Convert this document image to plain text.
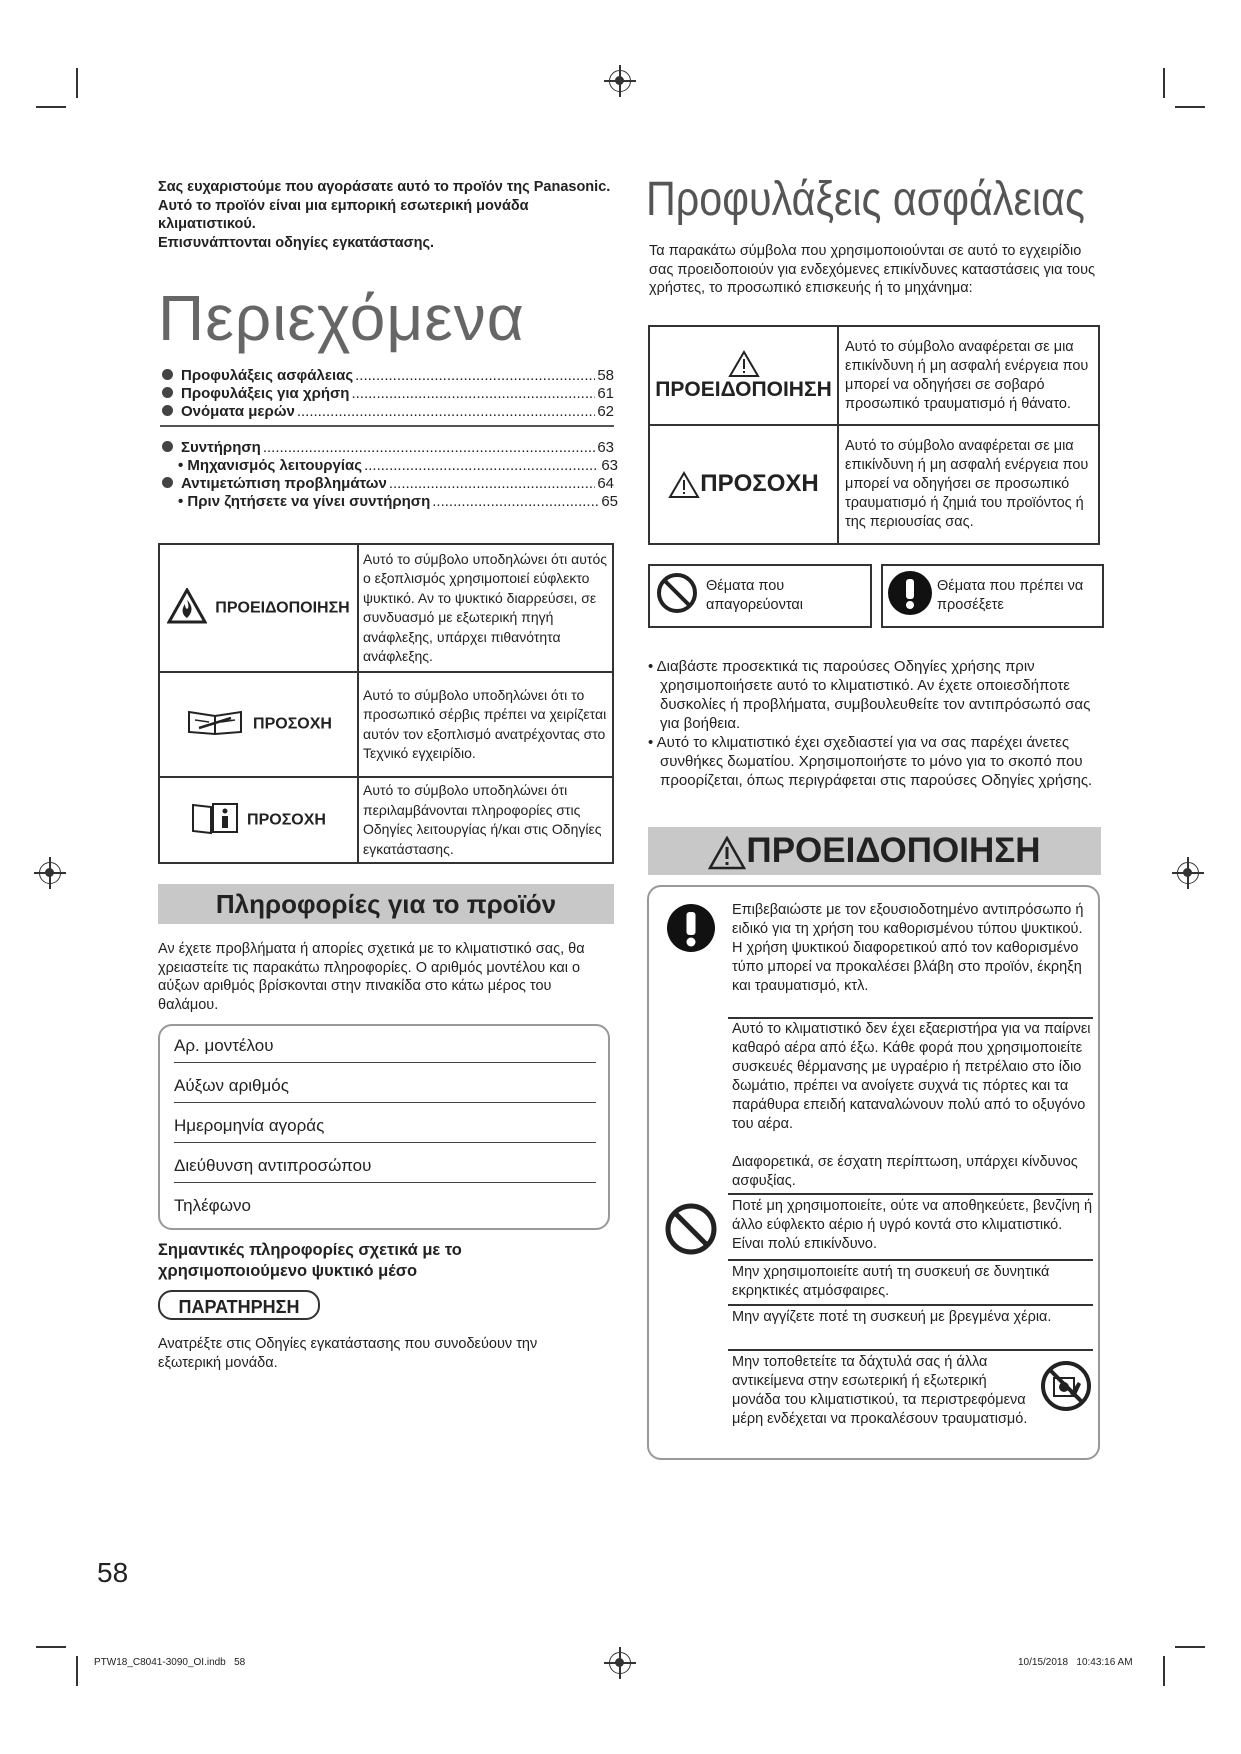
Σας ευχαριστούμε που αγοράσατε αυτό το προϊόν της Panasonic.
Αυτό το προϊόν είναι μια εμπορική εσωτερική μονάδα κλιματιστικού.
Επισυνάπτονται οδηγίες εγκατάστασης.
Περιεχόμενα
Προφυλάξεις ασφάλειας .....	58
Προφυλάξεις για χρήση .....	61
Ονόματα μερών .....	62
Συντήρηση .....	63
• Μηχανισμός λειτουργίας .....	63
Αντιμετώπιση προβλημάτων .....	64
• Πριν ζητήσετε να γίνει συντήρηση .....	65
ΠΡΟΕΙΔΟΠΟΙΗΣΗ	Αυτό το σύμβολο υποδηλώνει ότι αυτός ο εξοπλισμός χρησιμοποιεί εύφλεκτο ψυκτικό. Αν το ψυκτικό διαρρεύσει, σε συνδυασμό με εξωτερική πηγή ανάφλεξης, υπάρχει πιθανότητα ανάφλεξης.
ΠΡΟΣΟΧΗ	Αυτό το σύμβολο υποδηλώνει ότι το προσωπικό σέρβις πρέπει να χειρίζεται αυτόν τον εξοπλισμό ανατρέχοντας στο Τεχνικό εγχειρίδιο.
ΠΡΟΣΟΧΗ	Αυτό το σύμβολο υποδηλώνει ότι περιλαμβάνονται πληροφορίες στις Οδηγίες λειτουργίας ή/και στις Οδηγίες εγκατάστασης.
Πληροφορίες για το προϊόν
Αν έχετε προβλήματα ή απορίες σχετικά με το κλιματιστικό σας, θα χρειαστείτε τις παρακάτω πληροφορίες. Ο αριθμός μοντέλου και ο αύξων αριθμός βρίσκονται στην πινακίδα στο κάτω μέρος του θαλάμου.
Αρ. μοντέλου
Αύξων αριθμός
Ημερομηνία αγοράς
Διεύθυνση αντιπροσώπου
Τηλέφωνο
Σημαντικές πληροφορίες σχετικά με το χρησιμοποιούμενο ψυκτικό μέσο
ΠΑΡΑΤΗΡΗΣΗ
Ανατρέξτε στις Οδηγίες εγκατάστασης που συνοδεύουν την εξωτερική μονάδα.
Προφυλάξεις ασφάλειας
Τα παρακάτω σύμβολα που χρησιμοποιούνται σε αυτό το εγχειρίδιο σας προειδοποιούν για ενδεχόμενες επικίνδυνες καταστάσεις για τους χρήστες, το προσωπικό επισκευής ή το μηχάνημα:
ΠΡΟΕΙΔΟΠΟΙΗΣΗ	Αυτό το σύμβολο αναφέρεται σε μια επικίνδυνη ή μη ασφαλή ενέργεια που μπορεί να οδηγήσει σε σοβαρό προσωπικό τραυματισμό ή θάνατο.

ΠΡΟΣΟΧΗ	Αυτό το σύμβολο αναφέρεται σε μια επικίνδυνη ή μη ασφαλή ενέργεια που μπορεί να οδηγήσει σε προσωπικό τραυματισμό ή ζημιά του προϊόντος ή της περιουσίας σας.
Θέματα που απαγορεύονται
Θέματα που πρέπει να προσέξετε
• Διαβάστε προσεκτικά τις παρούσες Οδηγίες χρήσης πριν χρησιμοποιήσετε αυτό το κλιματιστικό. Αν έχετε οποιεσδήποτε δυσκολίες ή προβλήματα, συμβουλευθείτε τον αντιπρόσωπό σας για βοήθεια.
• Αυτό το κλιματιστικό έχει σχεδιαστεί για να σας παρέχει άνετες συνθήκες δωματίου. Χρησιμοποιήστε το μόνο για το σκοπό που προορίζεται, όπως περιγράφεται στις παρούσες Οδηγίες χρήσης.
ΠΡΟΕΙΔΟΠΟΙΗΣΗ
Επιβεβαιώστε με τον εξουσιοδοτημένο αντιπρόσωπο ή ειδικό για τη χρήση του καθορισμένου τύπου ψυκτικού. Η χρήση ψυκτικού διαφορετικού από τον καθορισμένο τύπο μπορεί να προκαλέσει βλάβη στο προϊόν, έκρηξη και τραυματισμό, κτλ.
Αυτό το κλιματιστικό δεν έχει εξαεριστήρα για να παίρνει καθαρό αέρα από έξω. Κάθε φορά που χρησιμοποιείτε συσκευές θέρμανσης με υγραέριο ή πετρέλαιο στο ίδιο δωμάτιο, πρέπει να ανοίγετε συχνά τις πόρτες και τα παράθυρα επειδή καταναλώνουν πολύ από το οξυγόνο του αέρα.
Διαφορετικά, σε έσχατη περίπτωση, υπάρχει κίνδυνος ασφυξίας.
Ποτέ μη χρησιμοποιείτε, ούτε να αποθηκεύετε, βενζίνη ή άλλο εύφλεκτο αέριο ή υγρό κοντά στο κλιματιστικό. Είναι πολύ επικίνδυνο.
Μην χρησιμοποιείτε αυτή τη συσκευή σε δυνητικά εκρηκτικές ατμόσφαιρες.
Μην αγγίζετε ποτέ τη συσκευή με βρεγμένα χέρια.
Μην τοποθετείτε τα δάχτυλά σας ή άλλα αντικείμενα στην εσωτερική ή εξωτερική μονάδα του κλιματιστικού, τα περιστρεφόμενα μέρη ενδέχεται να προκαλέσουν τραυματισμό.
58
PTW18_C8041-3090_OI.indb   58	10/15/2018   10:43:16 AM
